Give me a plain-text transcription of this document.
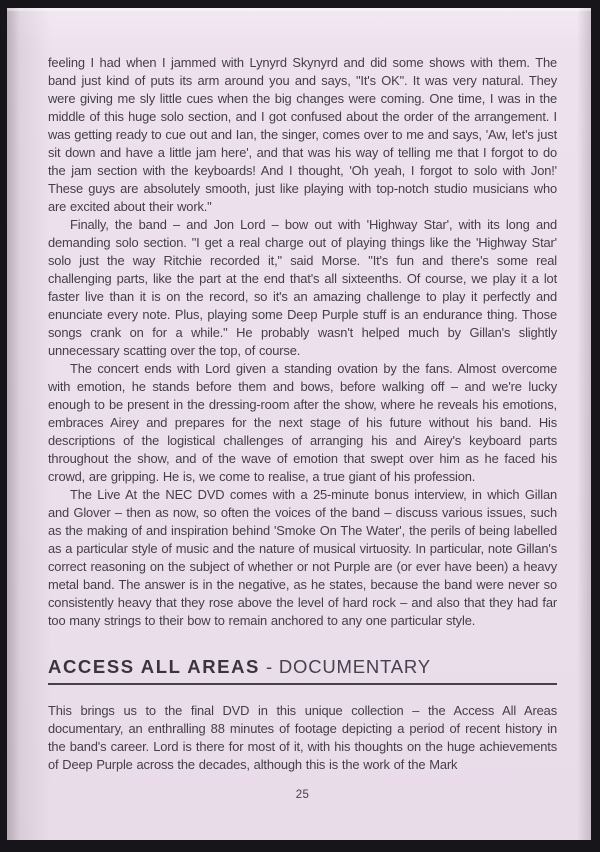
feeling I had when I jammed with Lynyrd Skynyrd and did some shows with them. The band just kind of puts its arm around you and says, "It's OK". It was very natural. They were giving me sly little cues when the big changes were coming. One time, I was in the middle of this huge solo section, and I got confused about the order of the arrangement. I was getting ready to cue out and Ian, the singer, comes over to me and says, 'Aw, let's just sit down and have a little jam here', and that was his way of telling me that I forgot to do the jam section with the keyboards! And I thought, 'Oh yeah, I forgot to solo with Jon!' These guys are absolutely smooth, just like playing with top-notch studio musicians who are excited about their work."

Finally, the band – and Jon Lord – bow out with 'Highway Star', with its long and demanding solo section. "I get a real charge out of playing things like the 'Highway Star' solo just the way Ritchie recorded it," said Morse. "It's fun and there's some real challenging parts, like the part at the end that's all sixteenths. Of course, we play it a lot faster live than it is on the record, so it's an amazing challenge to play it perfectly and enunciate every note. Plus, playing some Deep Purple stuff is an endurance thing. Those songs crank on for a while." He probably wasn't helped much by Gillan's slightly unnecessary scatting over the top, of course.

The concert ends with Lord given a standing ovation by the fans. Almost overcome with emotion, he stands before them and bows, before walking off – and we're lucky enough to be present in the dressing-room after the show, where he reveals his emotions, embraces Airey and prepares for the next stage of his future without his band. His descriptions of the logistical challenges of arranging his and Airey's keyboard parts throughout the show, and of the wave of emotion that swept over him as he faced his crowd, are gripping. He is, we come to realise, a true giant of his profession.

The Live At the NEC DVD comes with a 25-minute bonus interview, in which Gillan and Glover – then as now, so often the voices of the band – discuss various issues, such as the making of and inspiration behind 'Smoke On The Water', the perils of being labelled as a particular style of music and the nature of musical virtuosity. In particular, note Gillan's correct reasoning on the subject of whether or not Purple are (or ever have been) a heavy metal band. The answer is in the negative, as he states, because the band were never so consistently heavy that they rose above the level of hard rock – and also that they had far too many strings to their bow to remain anchored to any one particular style.

ACCESS ALL AREAS - DOCUMENTARY

This brings us to the final DVD in this unique collection – the Access All Areas documentary, an enthralling 88 minutes of footage depicting a period of recent history in the band's career. Lord is there for most of it, with his thoughts on the huge achievements of Deep Purple across the decades, although this is the work of the Mark

25
